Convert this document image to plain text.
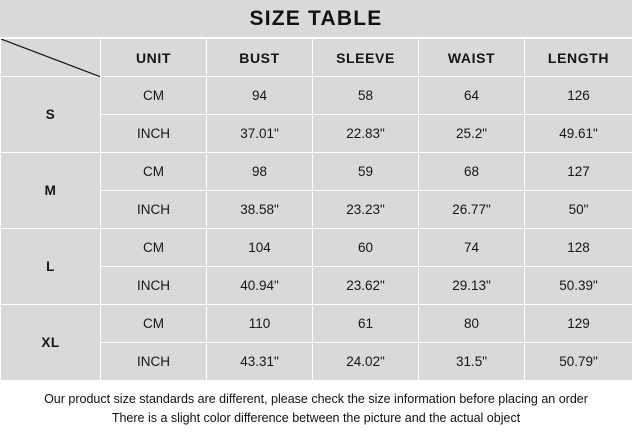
SIZE TABLE
	UNIT	BUST	SLEEVE	WAIST	LENGTH
S	CM	94	58	64	126
	INCH	37.01"	22.83"	25.2"	49.61"
M	CM	98	59	68	127
	INCH	38.58"	23.23"	26.77"	50"
L	CM	104	60	74	128
	INCH	40.94"	23.62"	29.13"	50.39"
XL	CM	110	61	80	129
	INCH	43.31"	24.02"	31.5"	50.79"
Our product size standards are different, please check the size information before placing an order
There is a slight color difference between the picture and the actual object
